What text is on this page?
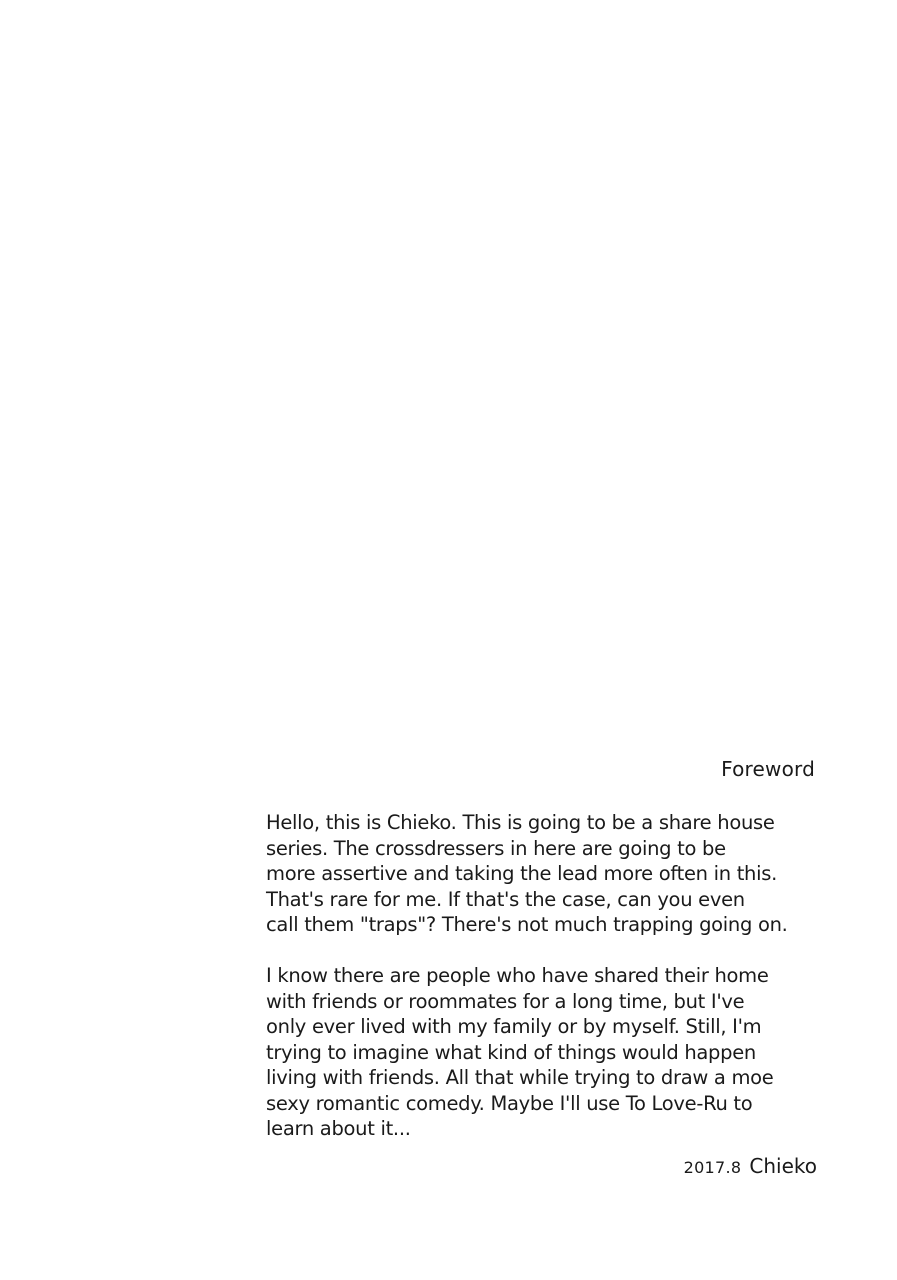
Foreword

Hello, this is Chieko. This is going to be a share house
series. The crossdressers in here are going to be
more assertive and taking the lead more often in this.
That's rare for me. If that's the case, can you even
call them "traps"? There's not much trapping going on.

I know there are people who have shared their home
with friends or roommates for a long time, but I've
only ever lived with my family or by myself. Still, I'm
trying to imagine what kind of things would happen
living with friends. All that while trying to draw a moe
sexy romantic comedy. Maybe I'll use To Love-Ru to
learn about it...

2017.8 Chieko
